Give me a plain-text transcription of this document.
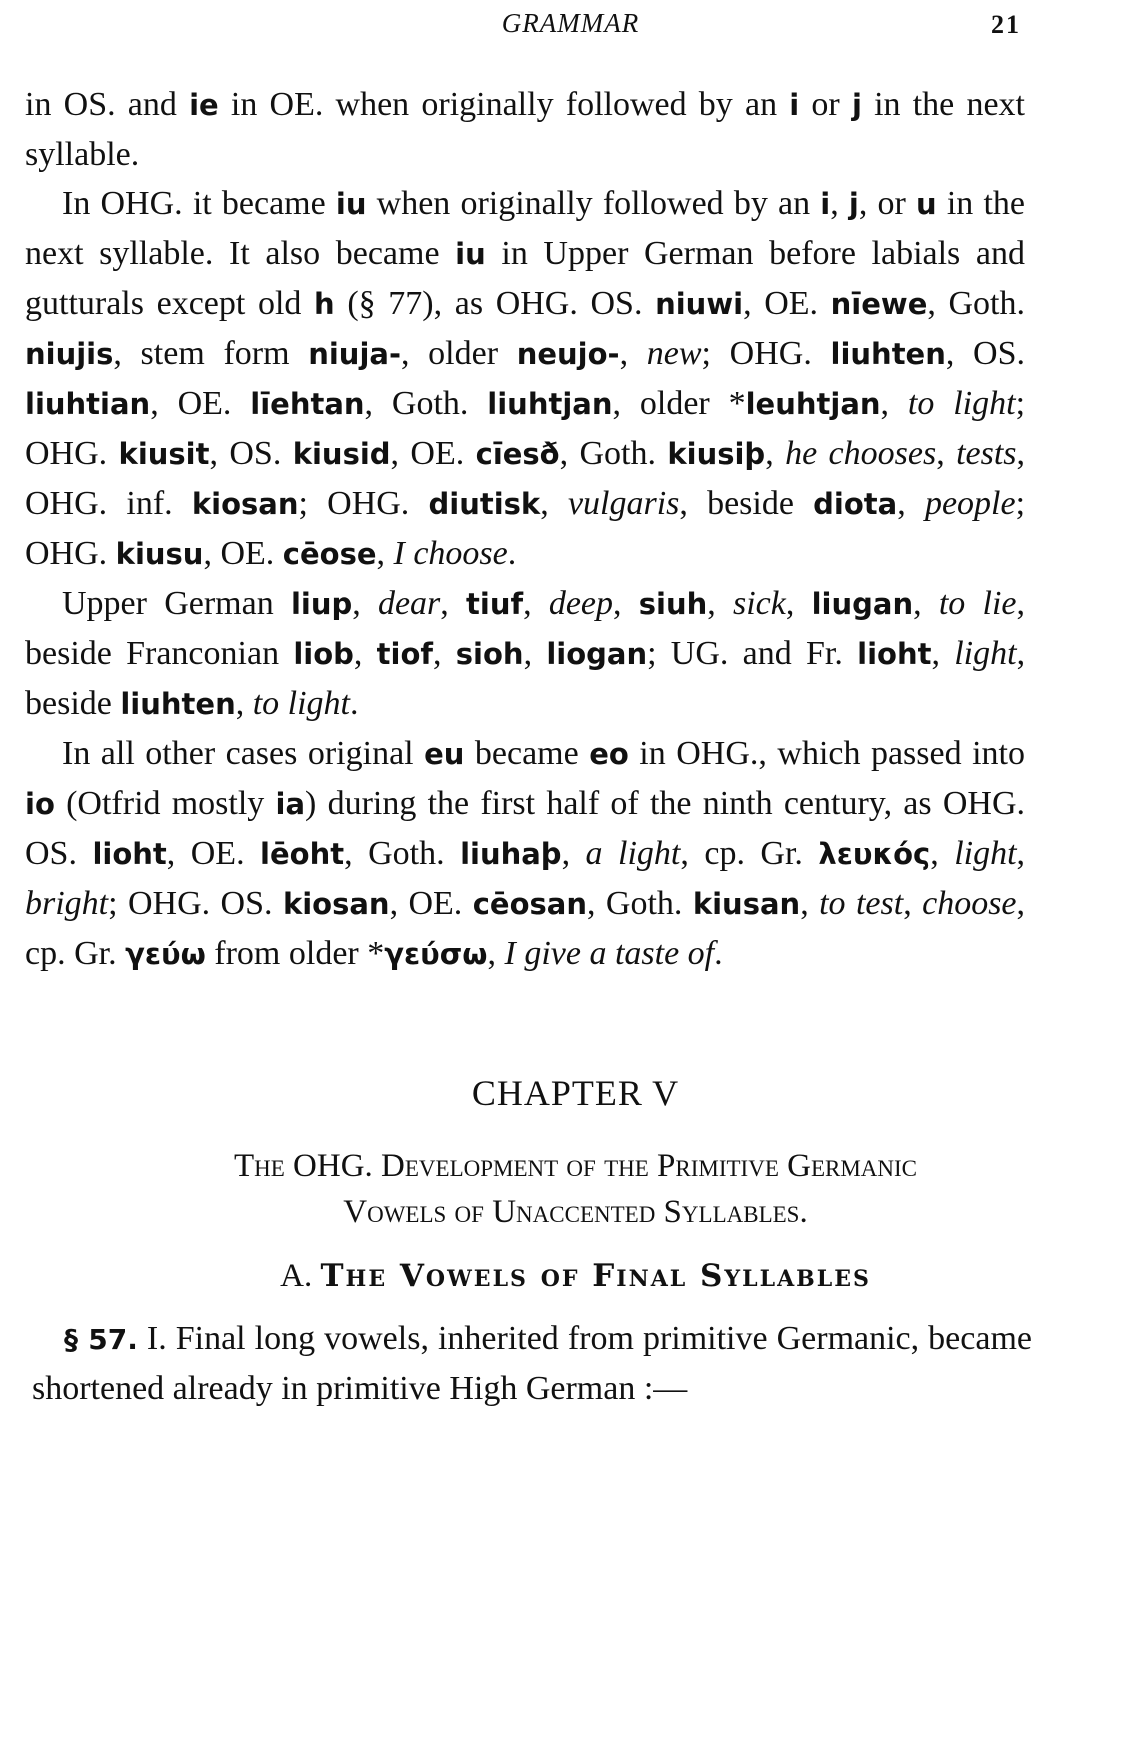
GRAMMAR	21

in OS. and ie in OE. when originally followed by an i or j in the next syllable.

In OHG. it became iu when originally followed by an i, j, or u in the next syllable. It also became iu in Upper German before labials and gutturals except old h (§ 77), as OHG. OS. niuwi, OE. nīewe, Goth. niujis, stem form niuja-, older neujo-, new; OHG. liuhten, OS. liuhtian, OE. līehtan, Goth. liuhtjan, older *leuhtjan, to light; OHG. kiusit, OS. kiusid, OE. cīesð, Goth. kiusiþ, he chooses, tests, OHG. inf. kiosan; OHG. diutisk, vulgaris, beside diota, people; OHG. kiusu, OE. cēose, I choose.

Upper German liup, dear, tiuf, deep, siuh, sick, liugan, to lie, beside Franconian liob, tiof, sioh, liogan; UG. and Fr. lioht, light, beside liuhten, to light.

In all other cases original eu became eo in OHG., which passed into io (Otfrid mostly ia) during the first half of the ninth century, as OHG. OS. lioht, OE. lēoht, Goth. liuhaþ, a light, cp. Gr. λευκός, light, bright; OHG. OS. kiosan, OE. cēosan, Goth. kiusan, to test, choose, cp. Gr. γεύω from older *γεύσω, I give a taste of.

CHAPTER V
The OHG. Development of the Primitive Germanic
Vowels of Unaccented Syllables.
A. The Vowels of Final Syllables

§ 57. I. Final long vowels, inherited from primitive Germanic, became shortened already in primitive High German :—
